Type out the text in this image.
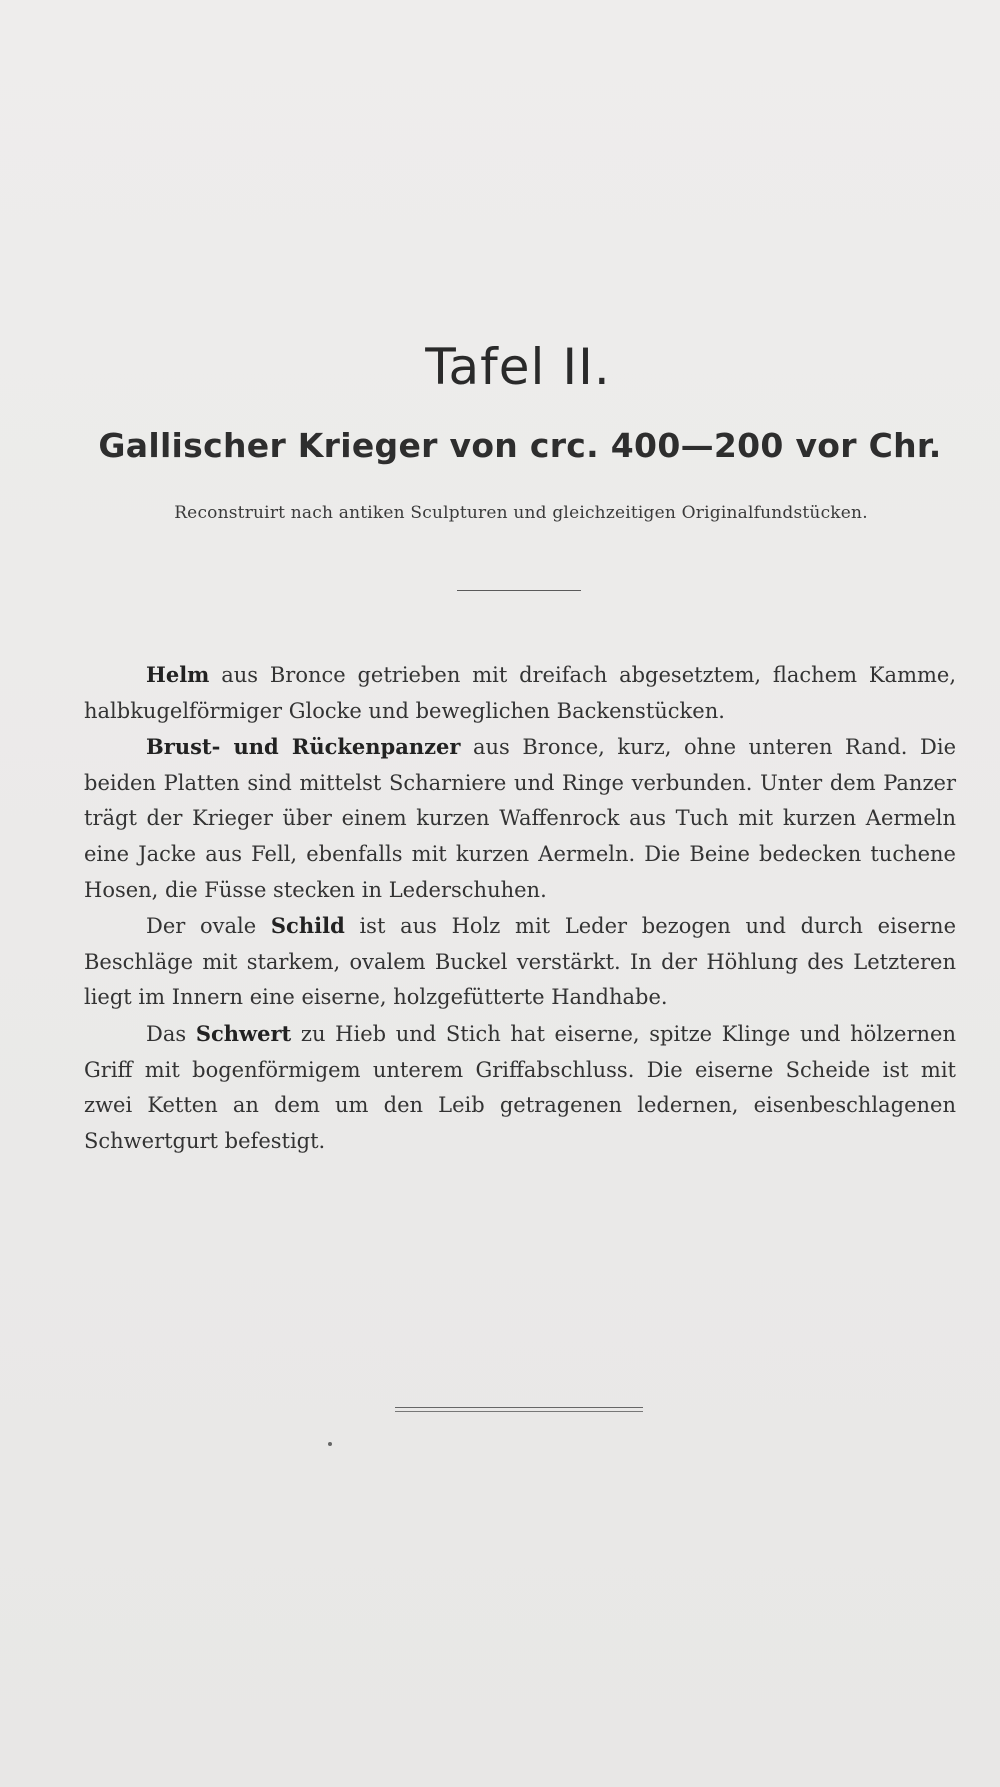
Tafel II.
Gallischer Krieger von crc. 400—200 vor Chr.

Reconstruirt nach antiken Sculpturen und gleichzeitigen Originalfundstücken.

Helm aus Bronce getrieben mit dreifach abgesetztem, flachem Kamme, halbkugelförmiger Glocke und beweglichen Backenstücken.

Brust- und Rückenpanzer aus Bronce, kurz, ohne unteren Rand. Die beiden Platten sind mittelst Scharniere und Ringe verbunden. Unter dem Panzer trägt der Krieger über einem kurzen Waffenrock aus Tuch mit kurzen Aermeln eine Jacke aus Fell, ebenfalls mit kurzen Aermeln. Die Beine bedecken tuchene Hosen, die Füsse stecken in Lederschuhen.

Der ovale Schild ist aus Holz mit Leder bezogen und durch eiserne Beschläge mit starkem, ovalem Buckel verstärkt. In der Höhlung des Letzteren liegt im Innern eine eiserne, holzgefütterte Handhabe.

Das Schwert zu Hieb und Stich hat eiserne, spitze Klinge und hölzernen Griff mit bogenförmigem unterem Griffabschluss. Die eiserne Scheide ist mit zwei Ketten an dem um den Leib getragenen ledernen, eisenbeschlagenen Schwertgurt befestigt.
